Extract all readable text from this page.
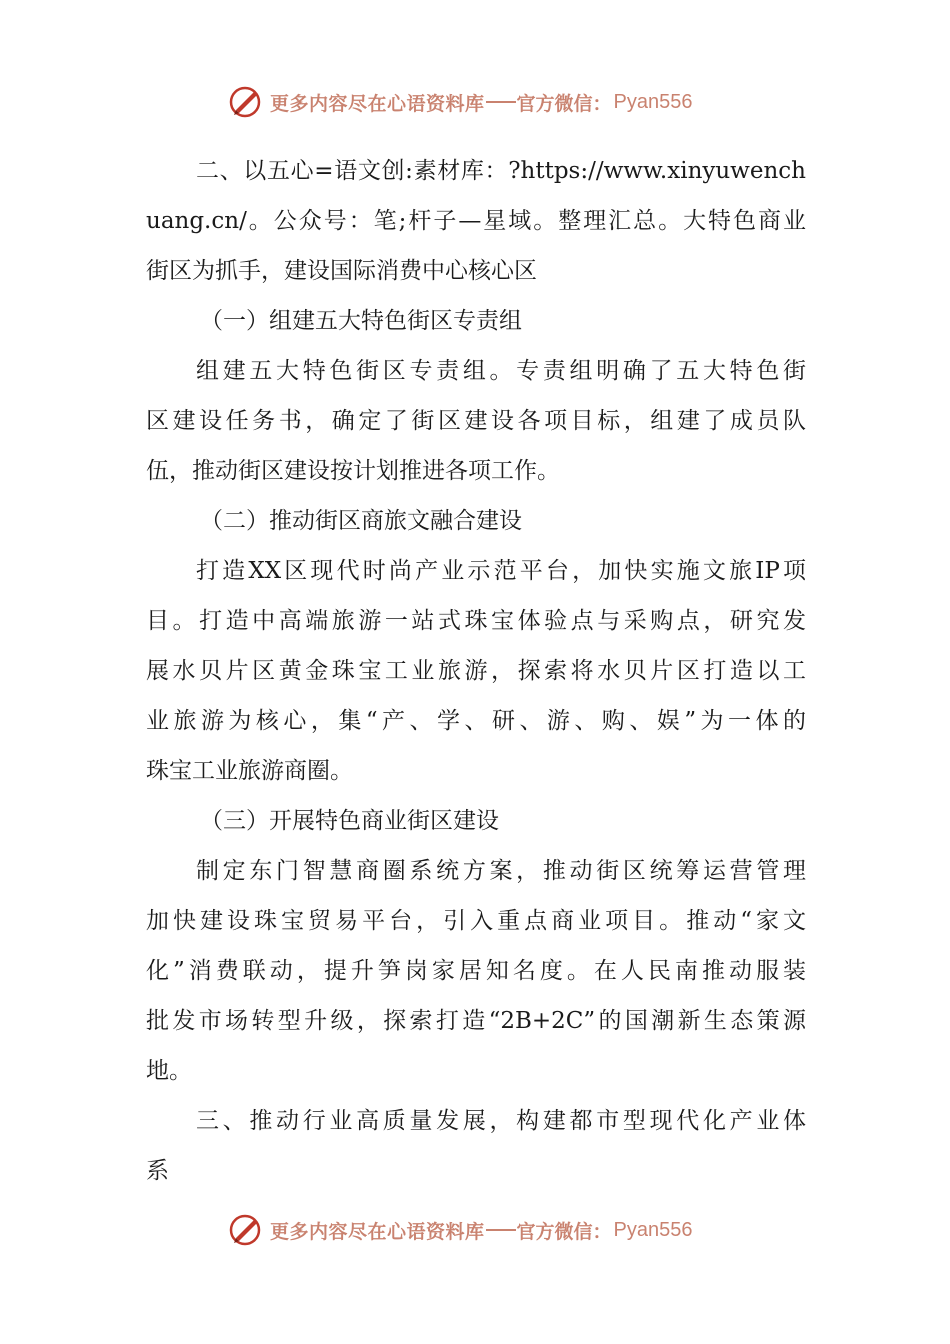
更多内容尽在心语资料库 官方微信： Pyan556
二、以五心=语文创:素材库：?https://www.xinyuwench
uang.cn/。公众号：笔;杆子—星域。整理汇总。大特色商业
街区为抓手，建设国际消费中心核心区
（一）组建五大特色街区专责组
组建五大特色街区专责组。专责组明确了五大特色街
区建设任务书，确定了街区建设各项目标，组建了成员队
伍，推动街区建设按计划推进各项工作。
（二）推动街区商旅文融合建设
打造XX区现代时尚产业示范平台，加快实施文旅IP项
目。打造中高端旅游一站式珠宝体验点与采购点，研究发
展水贝片区黄金珠宝工业旅游，探索将水贝片区打造以工
业旅游为核心，集“产、学、研、游、购、娱”为一体的
珠宝工业旅游商圈。
（三）开展特色商业街区建设
制定东门智慧商圈系统方案，推动街区统筹运营管理
加快建设珠宝贸易平台，引入重点商业项目。推动“家文
化”消费联动，提升笋岗家居知名度。在人民南推动服装
批发市场转型升级，探索打造“2B+2C”的国潮新生态策源
地。
三、推动行业高质量发展，构建都市型现代化产业体
系
更多内容尽在心语资料库 官方微信： Pyan556
